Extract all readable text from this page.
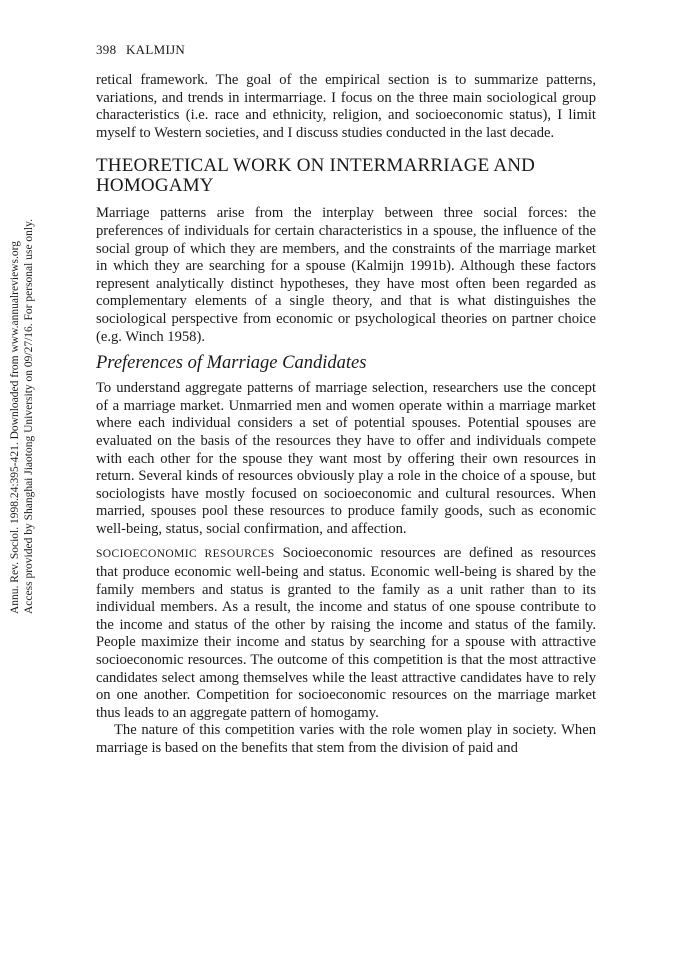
398 KALMIJN
Annu. Rev. Sociol. 1998.24:395-421. Downloaded from www.annualreviews.org Access provided by Shanghai Jiaotong University on 09/27/16. For personal use only.

retical framework. The goal of the empirical section is to summarize patterns, variations, and trends in intermarriage. I focus on the three main sociological group characteristics (i.e. race and ethnicity, religion, and socioeconomic status), I limit myself to Western societies, and I discuss studies conducted in the last decade.

THEORETICAL WORK ON INTERMARRIAGE AND HOMOGAMY

Marriage patterns arise from the interplay between three social forces: the preferences of individuals for certain characteristics in a spouse, the influence of the social group of which they are members, and the constraints of the marriage market in which they are searching for a spouse (Kalmijn 1991b). Although these factors represent analytically distinct hypotheses, they have most often been regarded as complementary elements of a single theory, and that is what distinguishes the sociological perspective from economic or psychological theories on partner choice (e.g. Winch 1958).

Preferences of Marriage Candidates

To understand aggregate patterns of marriage selection, researchers use the concept of a marriage market. Unmarried men and women operate within a marriage market where each individual considers a set of potential spouses. Potential spouses are evaluated on the basis of the resources they have to offer and individuals compete with each other for the spouse they want most by offering their own resources in return. Several kinds of resources obviously play a role in the choice of a spouse, but sociologists have mostly focused on socioeconomic and cultural resources. When married, spouses pool these resources to produce family goods, such as economic well-being, status, social confirmation, and affection.

SOCIOECONOMIC RESOURCES Socioeconomic resources are defined as resources that produce economic well-being and status. Economic well-being is shared by the family members and status is granted to the family as a unit rather than to its individual members. As a result, the income and status of one spouse contribute to the income and status of the other by raising the income and status of the family. People maximize their income and status by searching for a spouse with attractive socioeconomic resources. The outcome of this competition is that the most attractive candidates select among themselves while the least attractive candidates have to rely on one another. Competition for socioeconomic resources on the marriage market thus leads to an aggregate pattern of homogamy.

The nature of this competition varies with the role women play in society. When marriage is based on the benefits that stem from the division of paid and
